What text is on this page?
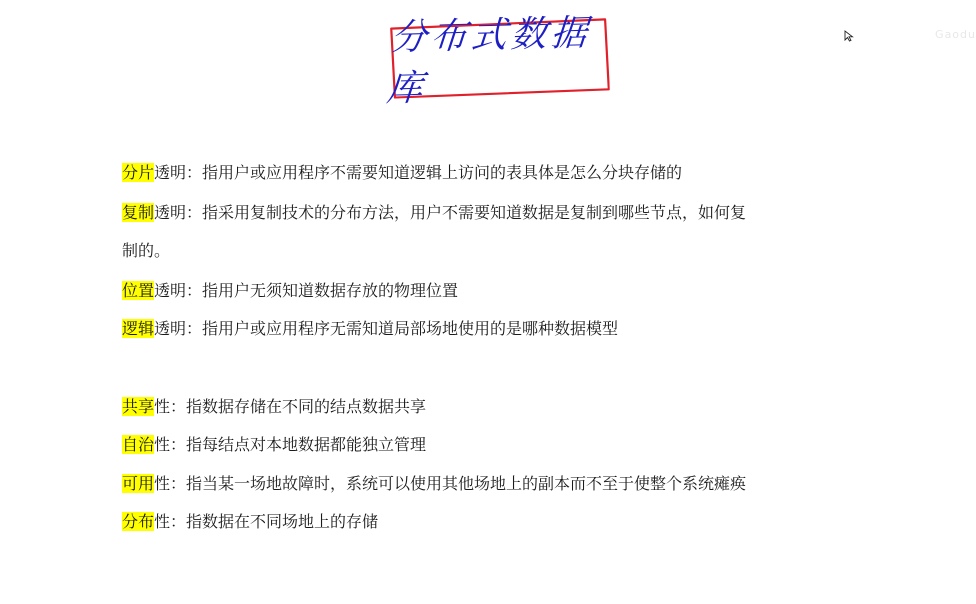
分布式数据库
Gaodu
分片透明：指用户或应用程序不需要知道逻辑上访问的表具体是怎么分块存储的
复制透明：指采用复制技术的分布方法，用户不需要知道数据是复制到哪些节点，如何复
制的。
位置透明：指用户无须知道数据存放的物理位置
逻辑透明：指用户或应用程序无需知道局部场地使用的是哪种数据模型
共享性：指数据存储在不同的结点数据共享
自治性：指每结点对本地数据都能独立管理
可用性：指当某一场地故障时，系统可以使用其他场地上的副本而不至于使整个系统瘫痪
分布性：指数据在不同场地上的存储
